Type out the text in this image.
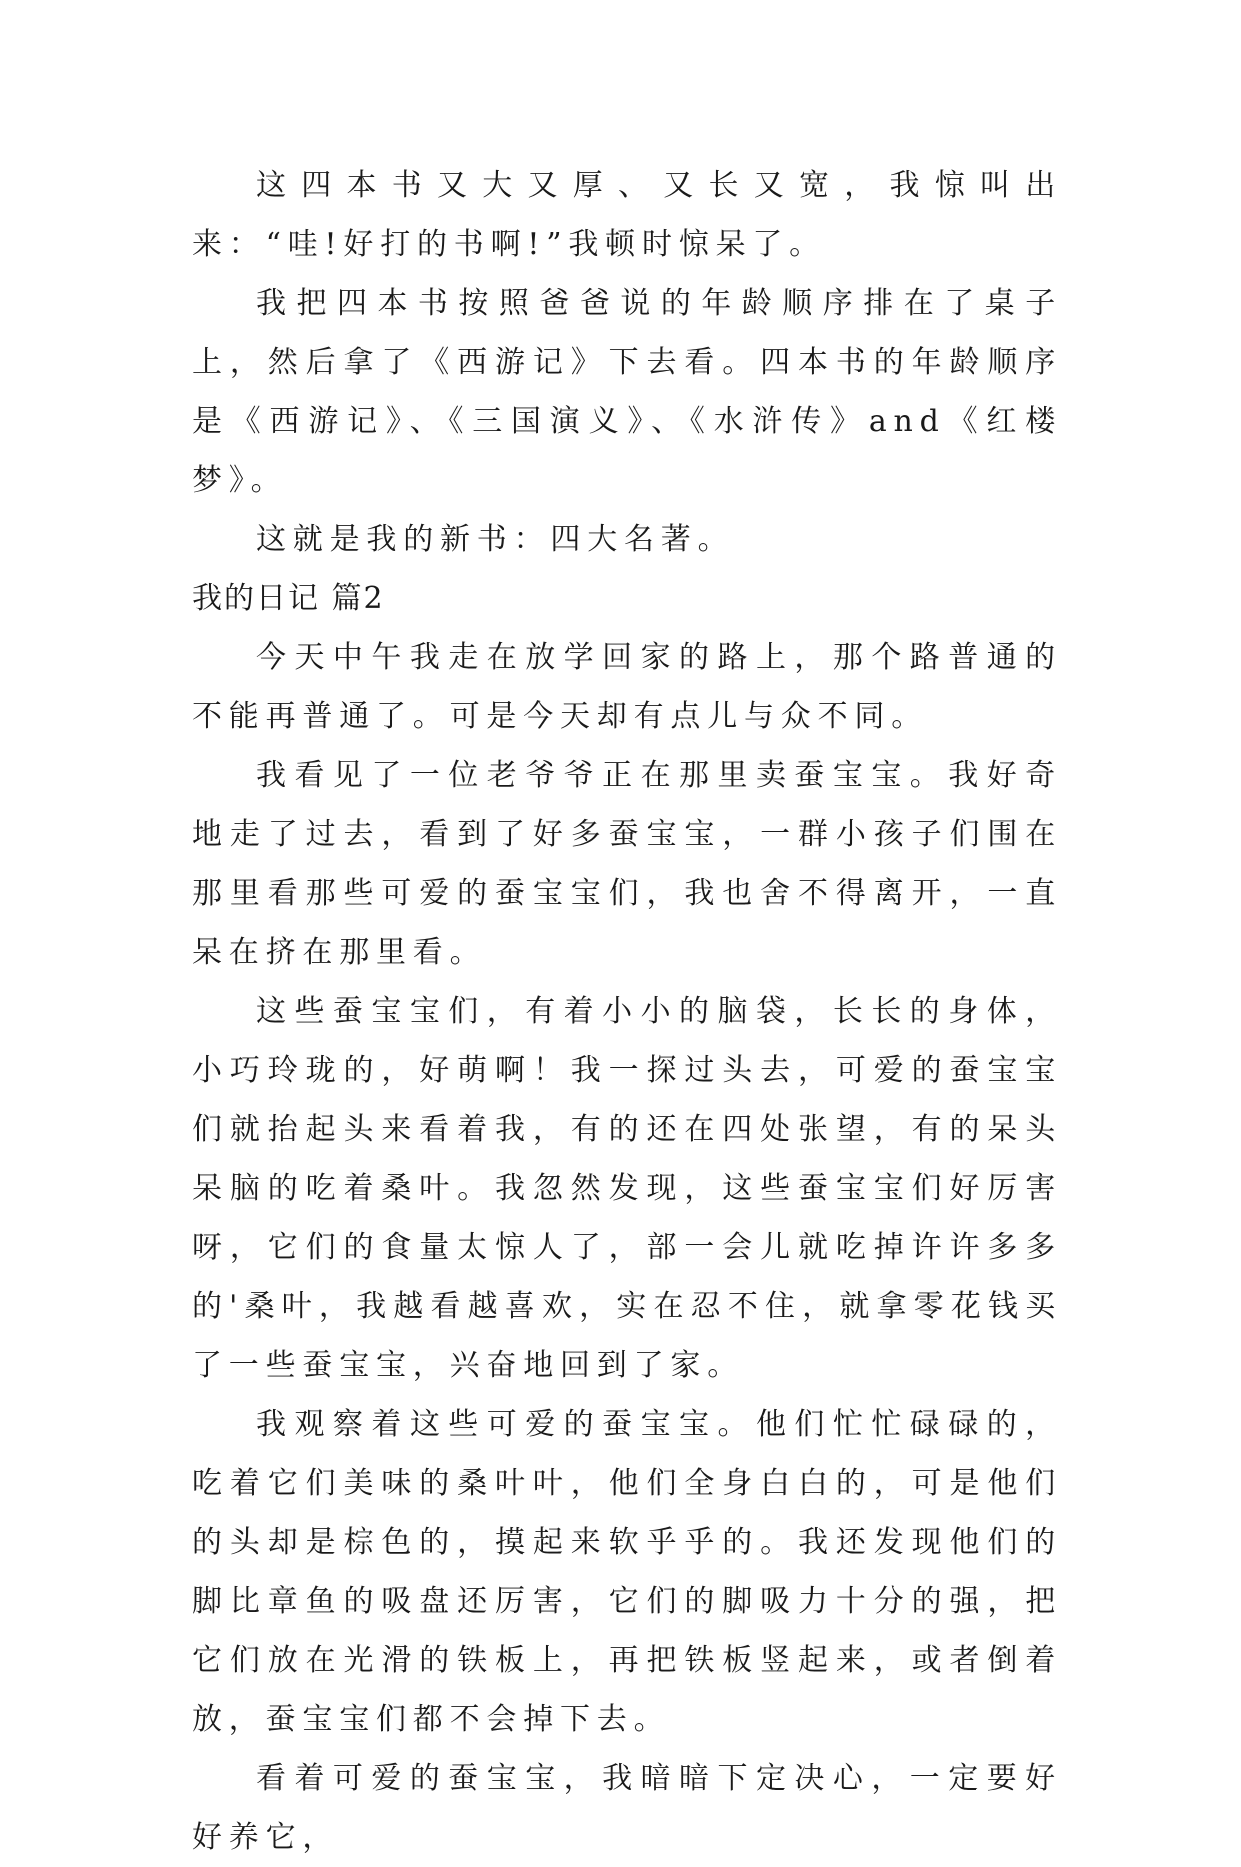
这四本书又大又厚、又长又宽，我惊叫出来：“哇!好打的书啊!”我顿时惊呆了。

我把四本书按照爸爸说的年龄顺序排在了桌子上，然后拿了《西游记》下去看。四本书的年龄顺序是《西游记》、《三国演义》、《水浒传》and《红楼梦》。

这就是我的新书：四大名著。

我的日记 篇2

今天中午我走在放学回家的路上，那个路普通的不能再普通了。可是今天却有点儿与众不同。

我看见了一位老爷爷正在那里卖蚕宝宝。我好奇地走了过去，看到了好多蚕宝宝，一群小孩子们围在那里看那些可爱的蚕宝宝们，我也舍不得离开，一直呆在挤在那里看。

这些蚕宝宝们，有着小小的脑袋，长长的身体，小巧玲珑的，好萌啊！我一探过头去，可爱的蚕宝宝们就抬起头来看着我，有的还在四处张望，有的呆头呆脑的吃着桑叶。我忽然发现，这些蚕宝宝们好厉害呀，它们的食量太惊人了，部一会儿就吃掉许许多多的'桑叶，我越看越喜欢，实在忍不住，就拿零花钱买了一些蚕宝宝，兴奋地回到了家。

我观察着这些可爱的蚕宝宝。他们忙忙碌碌的，吃着它们美味的桑叶叶，他们全身白白的，可是他们的头却是棕色的，摸起来软乎乎的。我还发现他们的脚比章鱼的吸盘还厉害，它们的脚吸力十分的强，把它们放在光滑的铁板上，再把铁板竖起来，或者倒着放，蚕宝宝们都不会掉下去。

看着可爱的蚕宝宝，我暗暗下定决心，一定要好好养它，
